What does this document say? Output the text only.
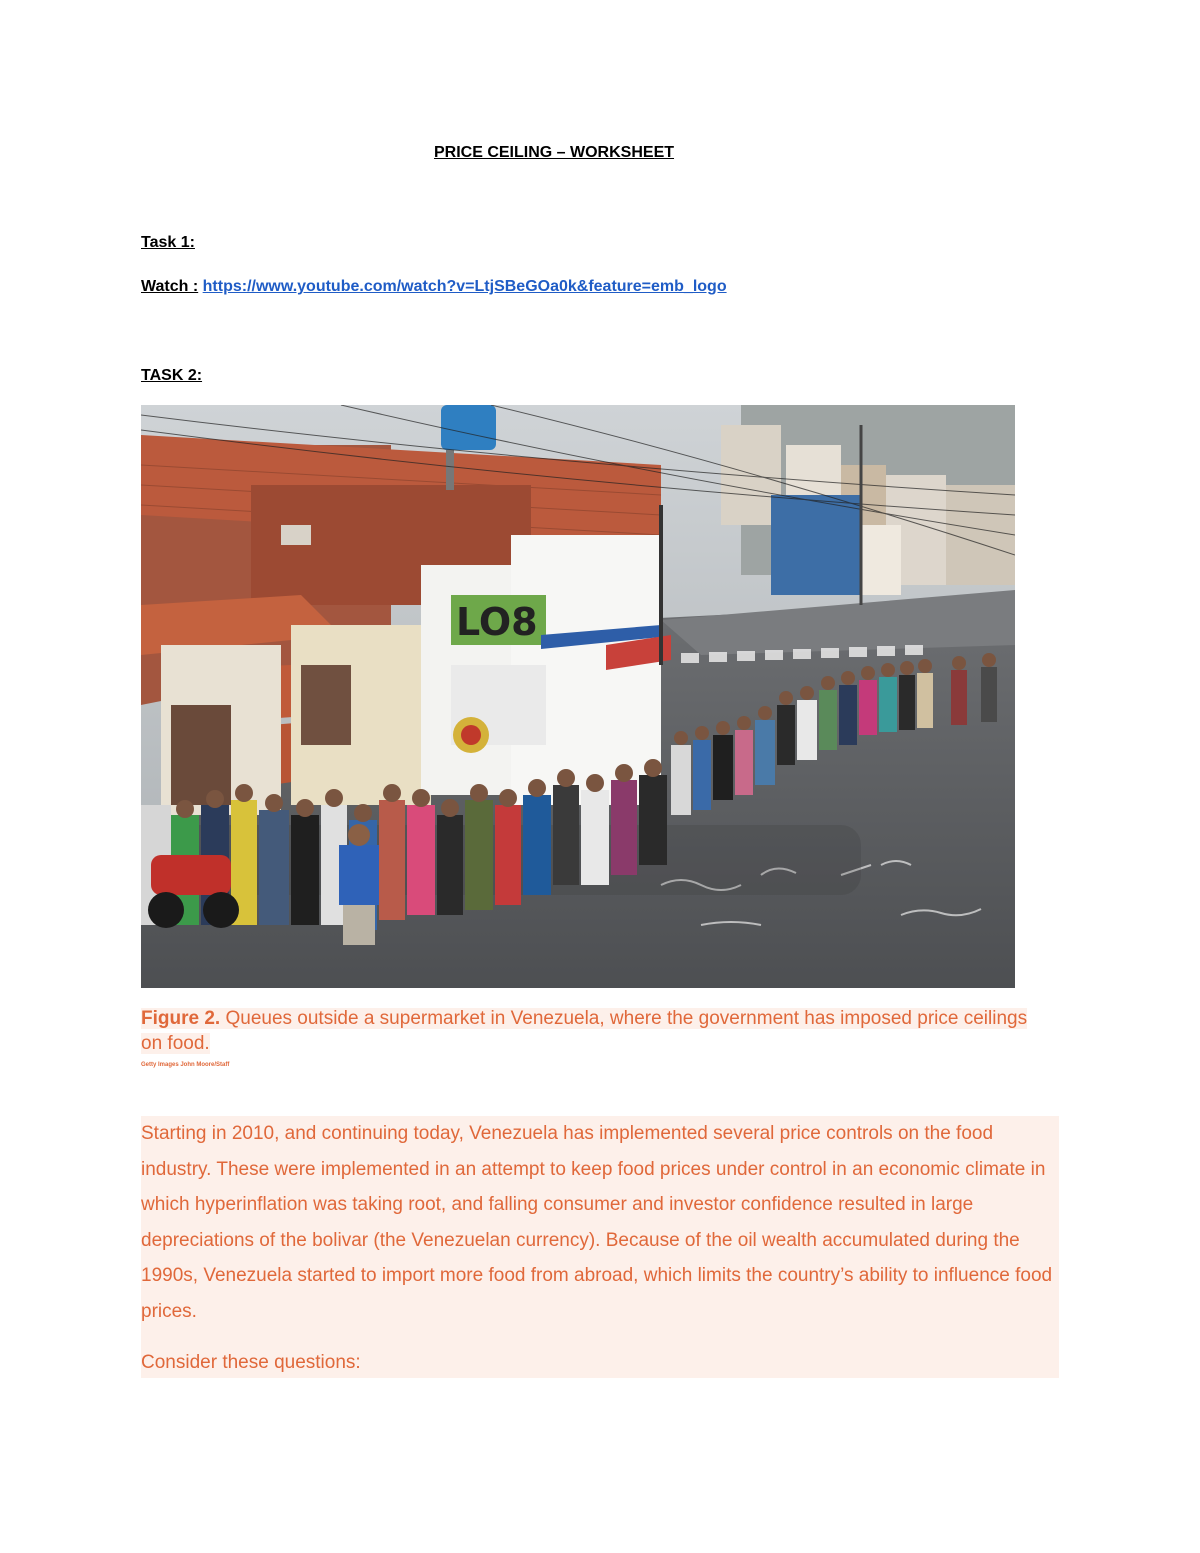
PRICE CEILING – WORKSHEET
Task 1:
Watch : https://www.youtube.com/watch?v=LtjSBeGOa0k&feature=emb_logo
TASK 2:
LO8
Figure 2. Queues outside a supermarket in Venezuela, where the government has imposed price ceilings on food.
Getty Images John Moore/Staff
Starting in 2010, and continuing today, Venezuela has implemented several price controls on the food industry. These were implemented in an attempt to keep food prices under control in an economic climate in which hyperinflation was taking root, and falling consumer and investor confidence resulted in large depreciations of the bolivar (the Venezuelan currency). Because of the oil wealth accumulated during the 1990s, Venezuela started to import more food from abroad, which limits the country’s ability to influence food prices.
Consider these questions:
